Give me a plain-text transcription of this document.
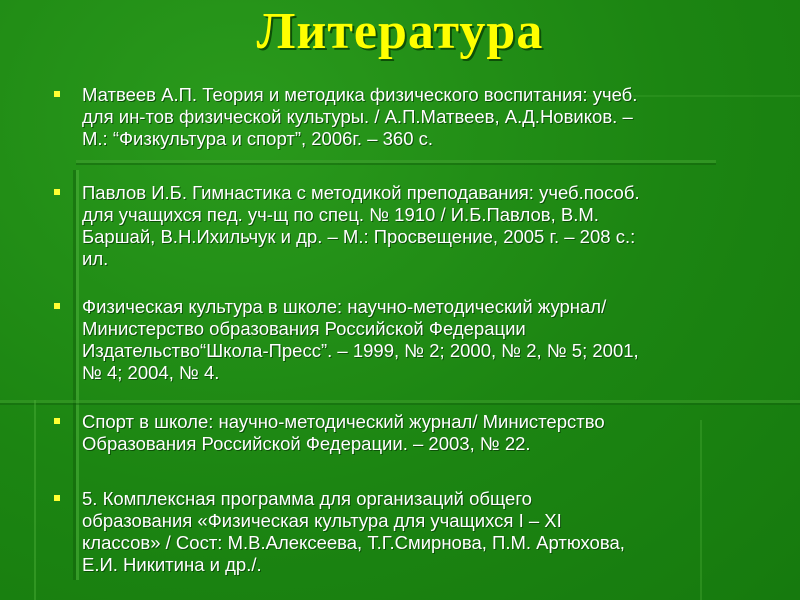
Литература
Матвеев А.П. Теория и методика физического воспитания: учеб.
для ин-тов физической культуры. / А.П.Матвеев, А.Д.Новиков. –
М.: “Физкультура и спорт”, 2006г. – 360 с.
Павлов И.Б. Гимнастика с методикой преподавания: учеб.пособ.
для учащихся пед. уч-щ по спец. № 1910 / И.Б.Павлов, В.М.
Баршай, В.Н.Ихильчук и др. – М.: Просвещение, 2005 г. – 208 с.:
ил.
Физическая культура в школе: научно-методический журнал/
Министерство образования Российской Федерации
Издательство“Школа-Пресс”. – 1999, № 2; 2000, № 2, № 5; 2001,
№ 4; 2004, № 4.
Спорт в школе: научно-методический журнал/ Министерство
Образования Российской Федерации. – 2003, № 22.
5. Комплексная программа для организаций общего
образования «Физическая культура для учащихся I – XI
классов» / Сост: М.В.Алексеева, Т.Г.Смирнова, П.М. Артюхова,
Е.И. Никитина и др./.
